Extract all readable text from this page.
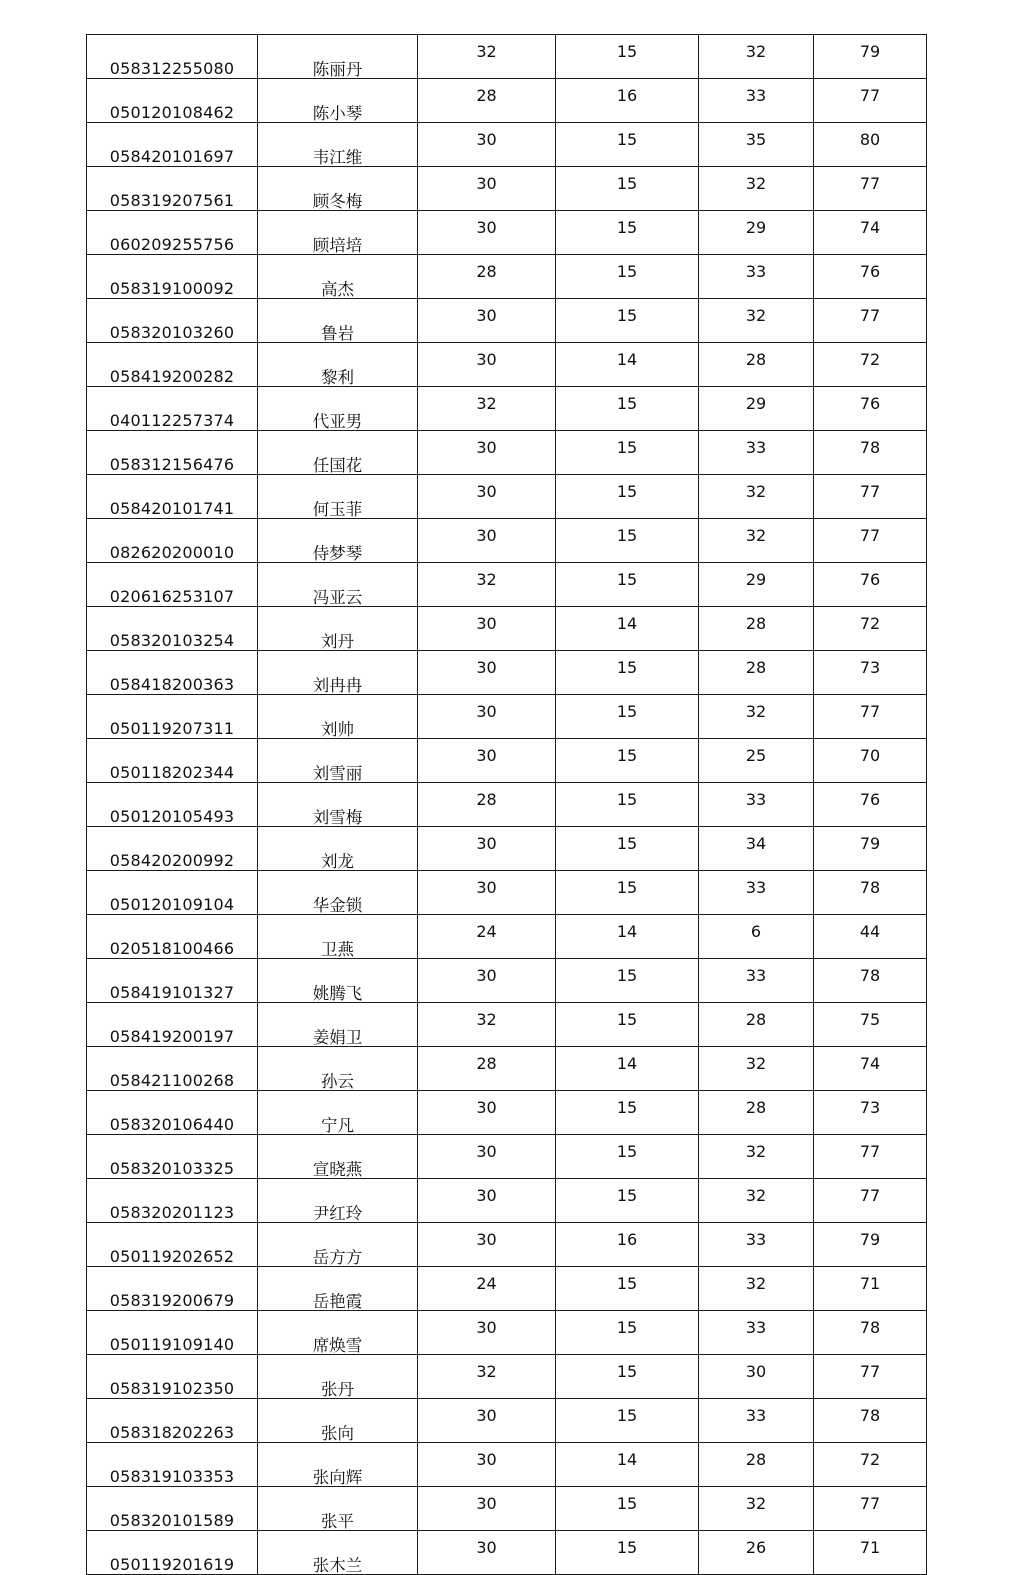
058312255080	陈丽丹	32	15	32	79
050120108462	陈小琴	28	16	33	77
058420101697	韦江维	30	15	35	80
058319207561	顾冬梅	30	15	32	77
060209255756	顾培培	30	15	29	74
058319100092	高杰	28	15	33	76
058320103260	鲁岩	30	15	32	77
058419200282	黎利	30	14	28	72
040112257374	代亚男	32	15	29	76
058312156476	任国花	30	15	33	78
058420101741	何玉菲	30	15	32	77
082620200010	侍梦琴	30	15	32	77
020616253107	冯亚云	32	15	29	76
058320103254	刘丹	30	14	28	72
058418200363	刘冉冉	30	15	28	73
050119207311	刘帅	30	15	32	77
050118202344	刘雪丽	30	15	25	70
050120105493	刘雪梅	28	15	33	76
058420200992	刘龙	30	15	34	79
050120109104	华金锁	30	15	33	78
020518100466	卫燕	24	14	6	44
058419101327	姚腾飞	30	15	33	78
058419200197	姜娟卫	32	15	28	75
058421100268	孙云	28	14	32	74
058320106440	宁凡	30	15	28	73
058320103325	宣晓燕	30	15	32	77
058320201123	尹红玲	30	15	32	77
050119202652	岳方方	30	16	33	79
058319200679	岳艳霞	24	15	32	71
050119109140	席焕雪	30	15	33	78
058319102350	张丹	32	15	30	77
058318202263	张向	30	15	33	78
058319103353	张向辉	30	14	28	72
058320101589	张平	30	15	32	77
050119201619	张木兰	30	15	26	71
